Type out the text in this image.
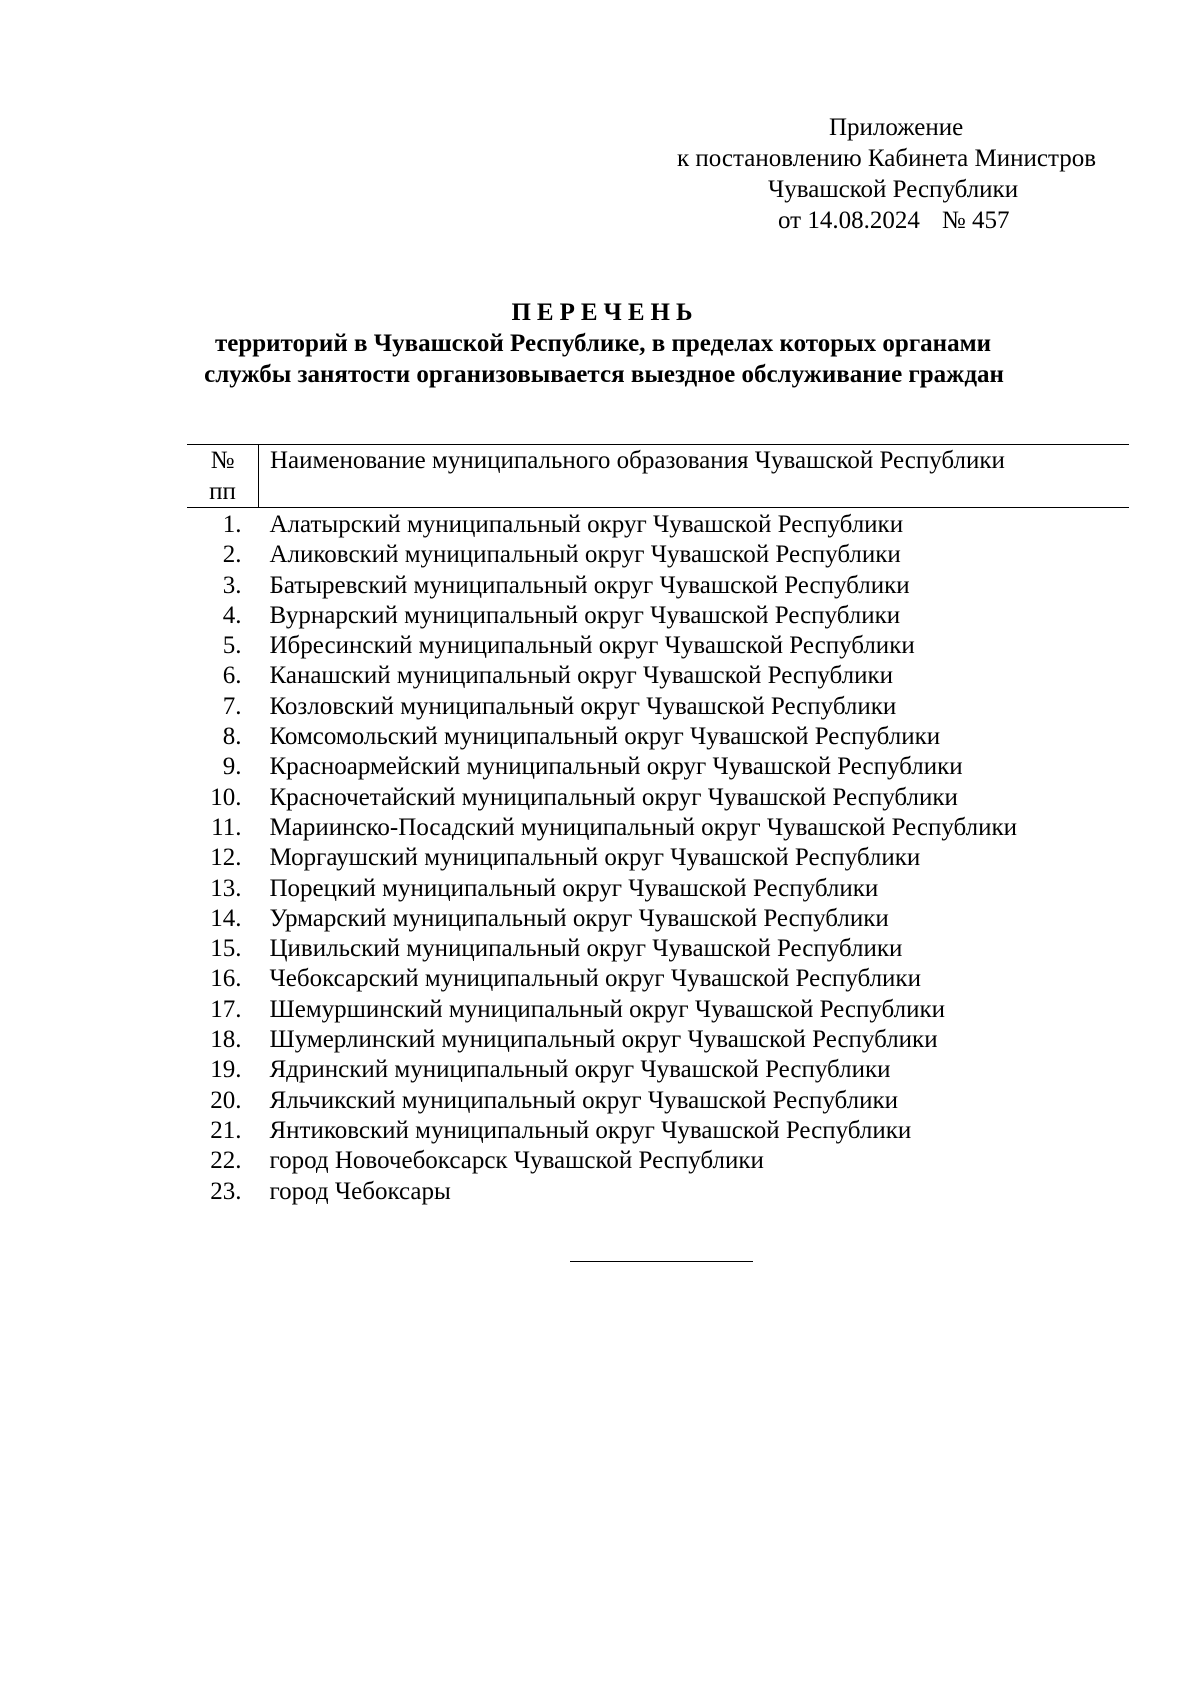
Приложение
к постановлению Кабинета Министров
Чувашской Республики
от 14.08.2024 № 457
ПЕРЕЧЕНЬ
территорий в Чувашской Республике, в пределах которых органами
службы занятости организовывается выездное обслуживание граждан
№
пп	Наименование муниципального образования Чувашской Республики
1.	Алатырский муниципальный округ Чувашской Республики
2.	Аликовский муниципальный округ Чувашской Республики
3.	Батыревский муниципальный округ Чувашской Республики
4.	Вурнарский муниципальный округ Чувашской Республики
5.	Ибресинский муниципальный округ Чувашской Республики
6.	Канашский муниципальный округ Чувашской Республики
7.	Козловский муниципальный округ Чувашской Республики
8.	Комсомольский муниципальный округ Чувашской Республики
9.	Красноармейский муниципальный округ Чувашской Республики
10.	Красночетайский муниципальный округ Чувашской Республики
11.	Мариинско-Посадский муниципальный округ Чувашской Республики
12.	Моргаушский муниципальный округ Чувашской Республики
13.	Порецкий муниципальный округ Чувашской Республики
14.	Урмарский муниципальный округ Чувашской Республики
15.	Цивильский муниципальный округ Чувашской Республики
16.	Чебоксарский муниципальный округ Чувашской Республики
17.	Шемуршинский муниципальный округ Чувашской Республики
18.	Шумерлинский муниципальный округ Чувашской Республики
19.	Ядринский муниципальный округ Чувашской Республики
20.	Яльчикский муниципальный округ Чувашской Республики
21.	Янтиковский муниципальный округ Чувашской Республики
22.	город Новочебоксарск Чувашской Республики
23.	город Чебоксары
